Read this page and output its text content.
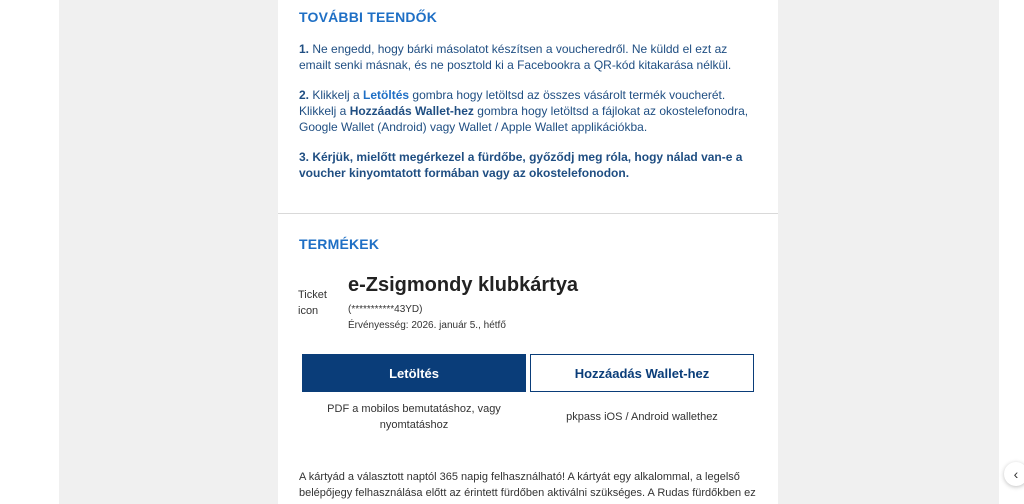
TOVÁBBI TEENDŐK

1. Ne engedd, hogy bárki másolatot készítsen a voucheredről. Ne küldd el ezt az emailt senki másnak, és ne posztold ki a Facebookra a QR-kód kitakarása nélkül.

2. Klikkelj a Letöltés gombra hogy letöltsd az összes vásárolt termék voucherét. Klikkelj a Hozzáadás Wallet-hez gombra hogy letöltsd a fájlokat az okostelefonodra, Google Wallet (Android) vagy Wallet / Apple Wallet applikációkba.

3. Kérjük, mielőtt megérkezel a fürdőbe, győződj meg róla, hogy nálad van-e a voucher kinyomtatott formában vagy az okostelefonodon.

TERMÉKEK
Ticket icon
e-Zsigmondy klubkártya
(***********43YD)
Érvényesség: 2026. január 5., hétfő
Letöltés	Hozzáadás Wallet-hez
PDF a mobilos bemutatáshoz, vagy nyomtatáshoz
pkpass iOS / Android wallethez

A kártyád a választott naptól 365 napig felhasználható! A kártyát egy alkalommal, a legelső belépőjegy felhasználása előtt az érintett fürdőben aktiválni szükséges. A Rudas fürdőkben ez

‹
